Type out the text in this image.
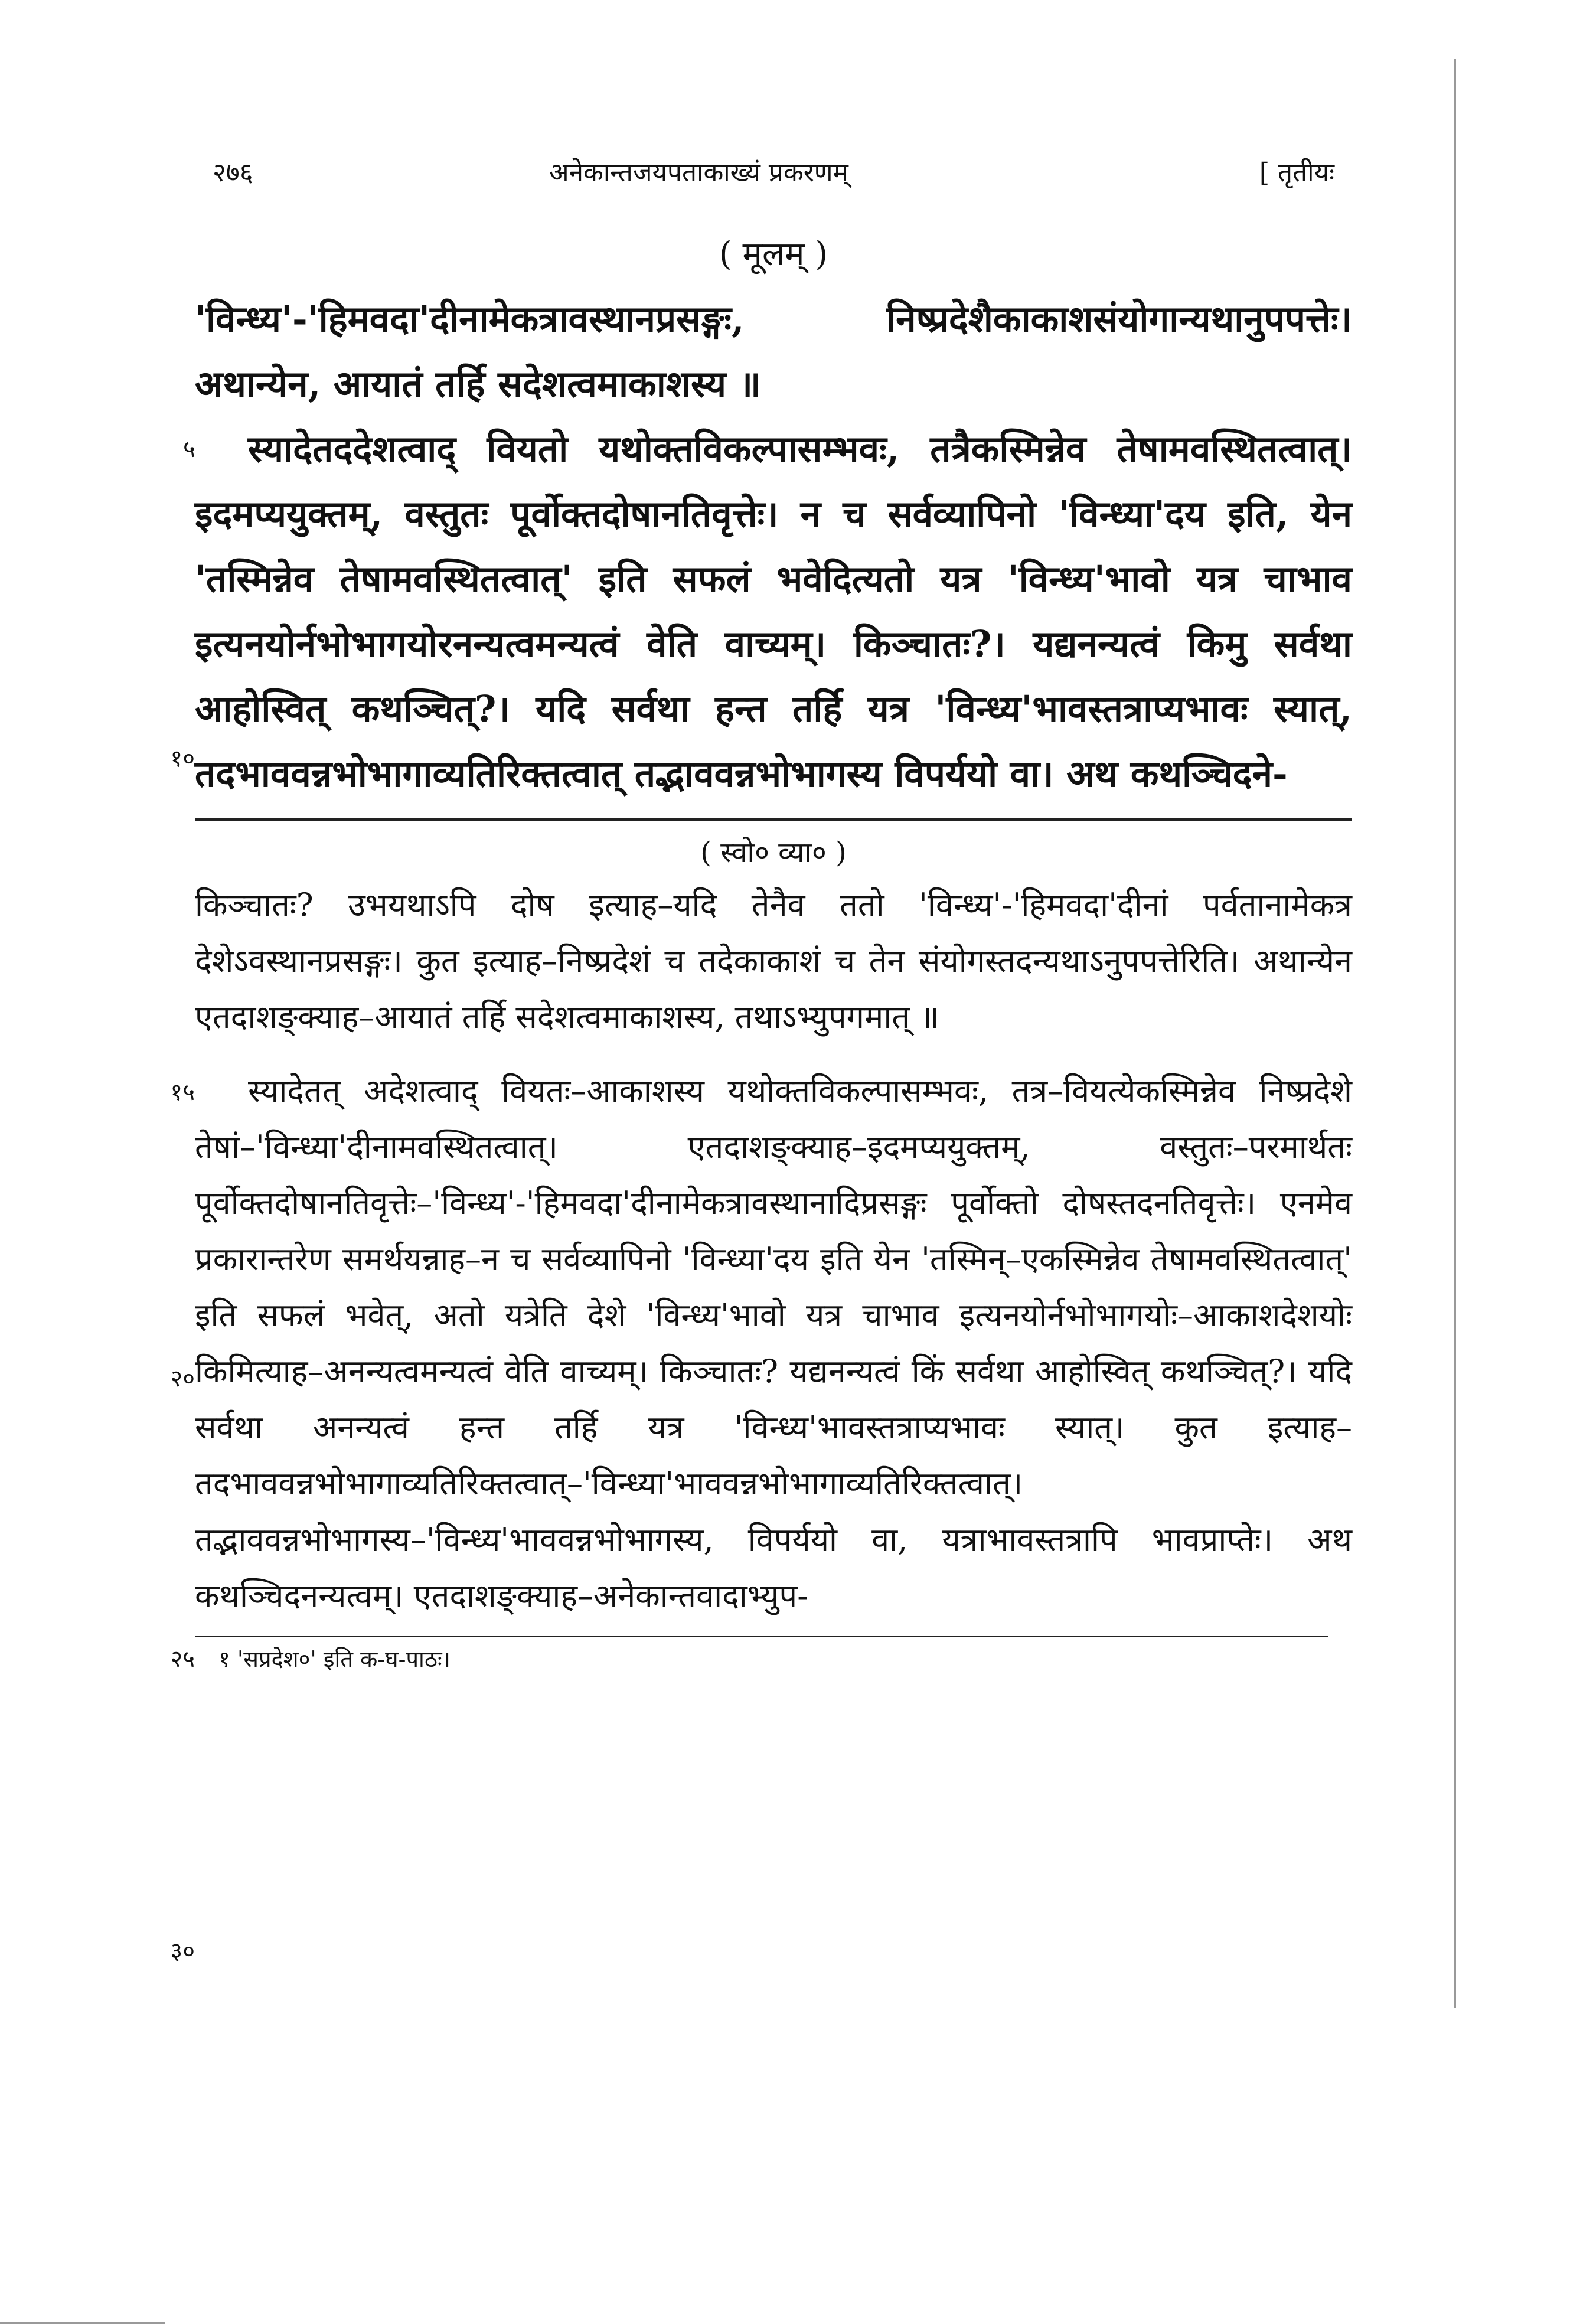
२७६	अनेकान्तजयपताकाख्यं प्रकरणम्	[ तृतीयः
( मूलम् )

'विन्ध्य'-'हिमवदा'दीनामेकत्रावस्थानप्रसङ्गः, निष्प्रदेशैकाकाशसंयोगान्यथानुपपत्तेः। अथान्येन, आयातं तर्हि सदेशत्वमाकाशस्य ॥

५ स्यादेतददेशत्वाद् वियतो यथोक्तविकल्पासम्भवः, तत्रैकस्मिन्नेव तेषामवस्थितत्वात्। इदमप्ययुक्तम्, वस्तुतः पूर्वोक्तदोषानतिवृत्तेः। न च सर्वव्यापिनो 'विन्ध्या'दय इति, येन 'तस्मिन्नेव तेषामवस्थितत्वात्' इति सफलं भवेदित्यतो यत्र 'विन्ध्य'भावो यत्र चाभाव इत्यनयोर्नभोभागयोरनन्यत्वमन्यत्वं वेति वाच्यम्। किञ्चातः?। यद्यनन्यत्वं किमु सर्वथा आहोस्वित् कथञ्चित्?। यदि सर्वथा हन्त तर्हि यत्र 'विन्ध्य'भावस्तत्राप्यभावः स्यात्, तदभाववन्नभोभागाव्यतिरिक्तत्वात् तद्भाववन्नभोभागस्य विपर्ययो वा। अथ कथञ्चिदने-

( स्वो० व्या० )

किञ्चातः? उभयथाऽपि दोष इत्याह–यदि तेनैव ततो 'विन्ध्य'-'हिमवदा'दीनां पर्वतानामेकत्र देशेऽवस्थानप्रसङ्गः। कुत इत्याह–निष्प्रदेशं च तदेकाकाशं च तेन संयोगस्तदन्यथाऽनुपपत्तेरिति। अथान्येन एतदाशङ्क्याह–आयातं तर्हि सदेशत्वमाकाशस्य, तथाऽभ्युपगमात् ॥

स्यादेतत् अदेशत्वाद् वियतः–आकाशस्य यथोक्तविकल्पासम्भवः, तत्र–वियत्येकस्मिन्नेव निष्प्रदेशे तेषां–'विन्ध्या'दीनामवस्थितत्वात्। एतदाशङ्क्याह–इदमप्ययुक्तम्, वस्तुतः–परमार्थतः पूर्वोक्तदोषानतिवृत्तेः–'विन्ध्य'-'हिमवदा'दीनामेकत्रावस्थानादिप्रसङ्गः पूर्वोक्तो दोषस्तदनतिवृत्तेः। एनमेव प्रकारान्तरेण समर्थयन्नाह–न च सर्वव्यापिनो 'विन्ध्या'दय इति येन 'तस्मिन्–एकस्मिन्नेव तेषामवस्थितत्वात्' इति सफलं भवेत्, अतो यत्रेति देशे 'विन्ध्य'भावो यत्र चाभाव इत्यनयोर्नभोभागयोः–आकाशदेशयोः किमित्याह–अनन्यत्वमन्यत्वं वेति वाच्यम्। किञ्चातः? यद्यनन्यत्वं किं सर्वथा आहोस्वित् कथञ्चित्?। यदि सर्वथा अनन्यत्वं हन्त तर्हि यत्र 'विन्ध्य'भावस्तत्राप्यभावः स्यात्। कुत इत्याह–तदभाववन्नभोभागाव्यतिरिक्तत्वात्–'विन्ध्या'भाववन्नभोभागाव्यतिरिक्तत्वात्। तद्भाववन्नभोभागस्य–'विन्ध्य'भाववन्नभोभागस्य, विपर्ययो वा, यत्राभावस्तत्रापि भावप्राप्तेः। अथ कथञ्चिदनन्यत्वम्। एतदाशङ्क्याह–अनेकान्तवादाभ्युप-

१ 'सप्रदेश०' इति क-घ-पाठः।
१०
१५
२०
२५
३०
